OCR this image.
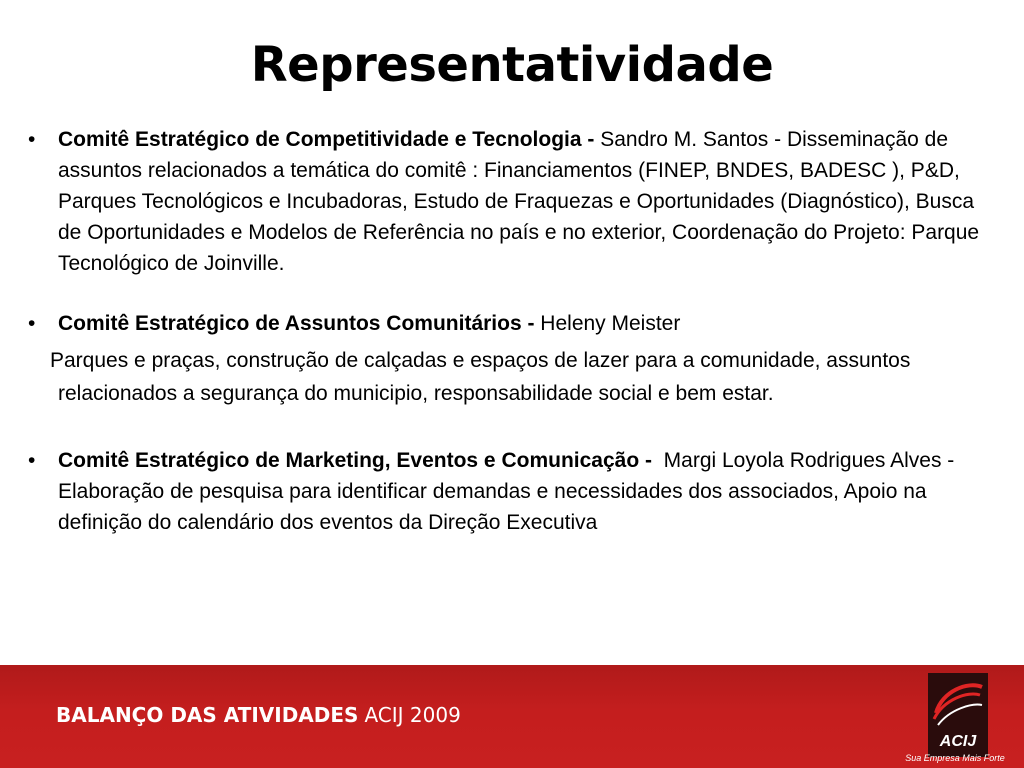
Representatividade
•	Comitê Estratégico de Competitividade e Tecnologia - Sandro M. Santos - Disseminação de assuntos relacionados a temática do comitê : Financiamentos (FINEP, BNDES, BADESC ), P&D, Parques Tecnológicos e Incubadoras, Estudo de Fraquezas e Oportunidades (Diagnóstico), Busca de Oportunidades e Modelos de Referência no país e no exterior, Coordenação do Projeto: Parque Tecnológico de Joinville.
•	Comitê Estratégico de Assuntos Comunitários - Heleny Meister
Parques e praças, construção de calçadas e espaços de lazer para a comunidade, assuntos relacionados a segurança do municipio, responsabilidade social e bem estar.
•	Comitê Estratégico de Marketing, Eventos e Comunicação -  Margi Loyola Rodrigues Alves - Elaboração de pesquisa para identificar demandas e necessidades dos associados, Apoio na definição do calendário dos eventos da Direção Executiva
BALANÇO DAS ATIVIDADES ACIJ 2009
ACIJ
Sua Empresa Mais Forte
